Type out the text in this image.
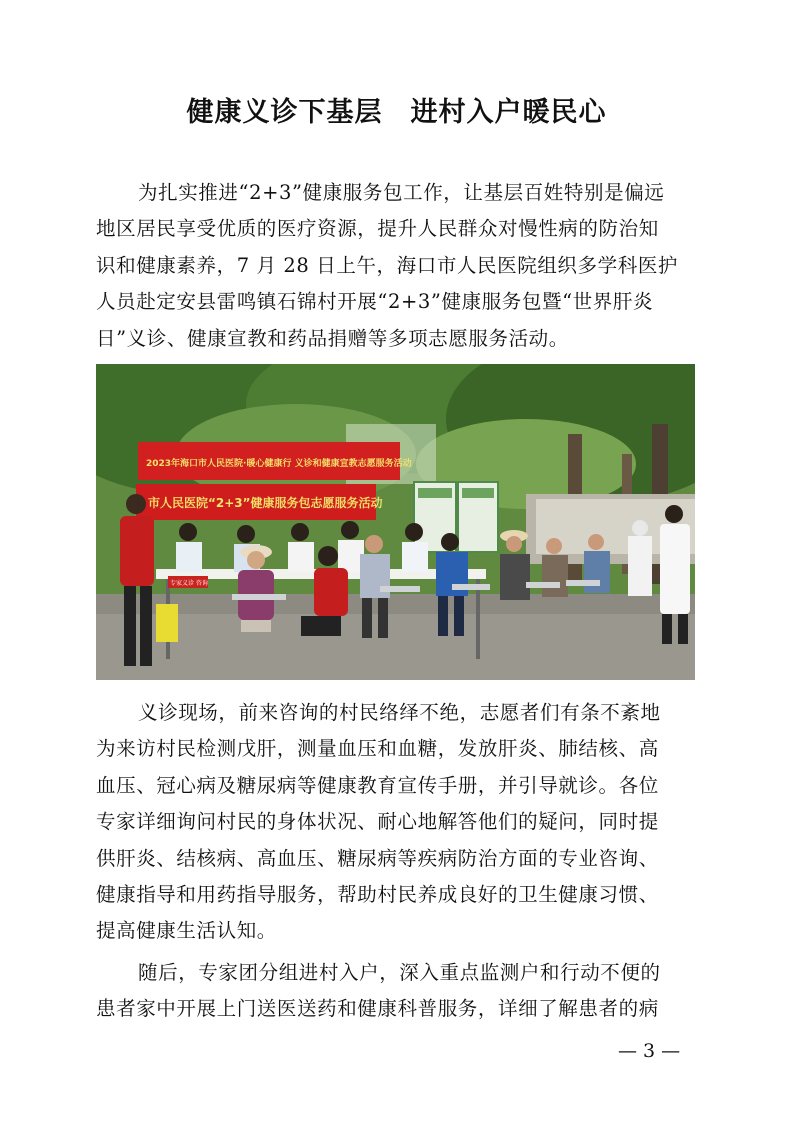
健康义诊下基层　进村入户暖民心

为扎实推进“2+3”健康服务包工作，让基层百姓特别是偏远
地区居民享受优质的医疗资源，提升人民群众对慢性病的防治知
识和健康素养，7 月 28 日上午，海口市人民医院组织多学科医护
人员赴定安县雷鸣镇石锦村开展“2+3”健康服务包暨“世界肝炎
日”义诊、健康宣教和药品捐赠等多项志愿服务活动。

2023年海口市人民医院·暖心健康行 义诊和健康宣教志愿服务活动
市人民医院“2+3”健康服务包志愿服务活动
专家义诊 咨询

义诊现场，前来咨询的村民络绎不绝，志愿者们有条不紊地
为来访村民检测戊肝，测量血压和血糖，发放肝炎、肺结核、高
血压、冠心病及糖尿病等健康教育宣传手册，并引导就诊。各位
专家详细询问村民的身体状况、耐心地解答他们的疑问，同时提
供肝炎、结核病、高血压、糖尿病等疾病防治方面的专业咨询、
健康指导和用药指导服务，帮助村民养成良好的卫生健康习惯、
提高健康生活认知。

随后，专家团分组进村入户，深入重点监测户和行动不便的
患者家中开展上门送医送药和健康科普服务，详细了解患者的病

— 3 —
